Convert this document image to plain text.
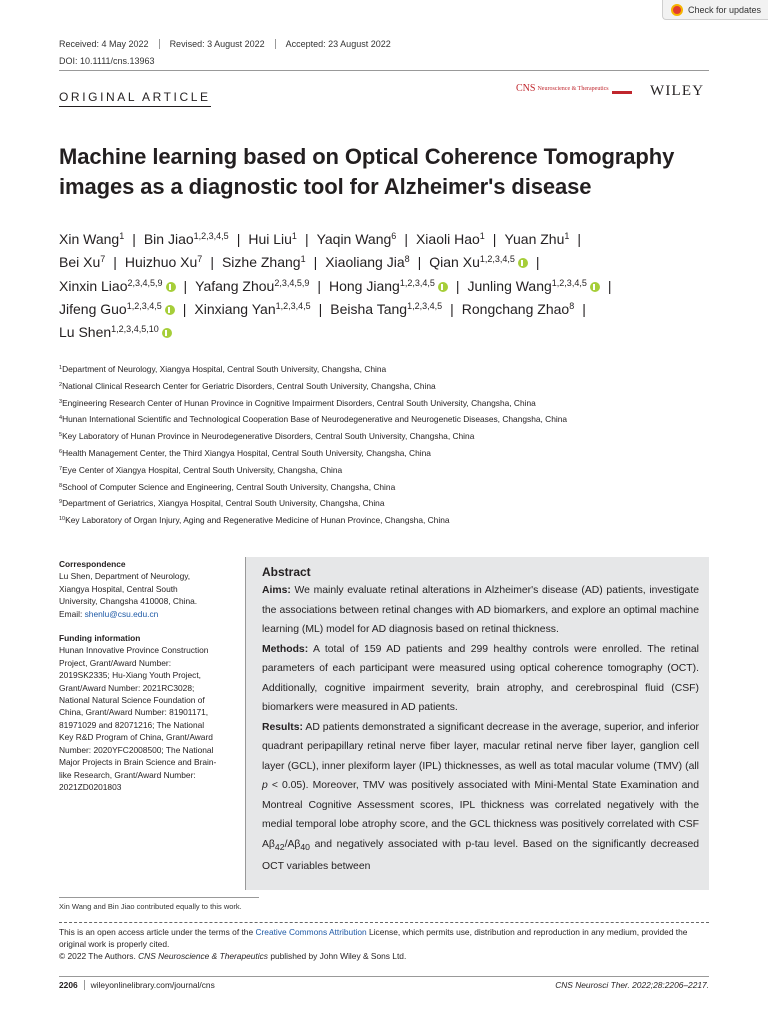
Check for updates
Received: 4 May 2022	Revised: 3 August 2022	Accepted: 23 August 2022
DOI: 10.1111/cns.13963
ORIGINAL ARTICLE
CNS Neuroscience & Therapeutics	WILEY
Machine learning based on Optical Coherence Tomography
images as a diagnostic tool for Alzheimer's disease
Xin Wang$^1$ | Bin Jiao$^{1,2,3,4,5}$ | Hui Liu$^1$ | Yaqin Wang$^6$ | Xiaoli Hao$^1$ | Yuan Zhu$^1$ |
Bei Xu$^7$ | Huizhuo Xu$^7$ | Sizhe Zhang$^1$ | Xiaoliang Jia$^8$ | Qian Xu$^{1,2,3,4,5}$ |
Xinxin Liao$^{2,3,4,5,9}$ | Yafang Zhou$^{2,3,4,5,9}$ | Hong Jiang$^{1,2,3,4,5}$ | Junling Wang$^{1,2,3,4,5}$ |
Jifeng Guo$^{1,2,3,4,5}$ | Xinxiang Yan$^{1,2,3,4,5}$ | Beisha Tang$^{1,2,3,4,5}$ | Rongchang Zhao$^8$ |
Lu Shen$^{1,2,3,4,5,10}$
$^1$Department of Neurology, Xiangya Hospital, Central South University, Changsha, China
$^2$National Clinical Research Center for Geriatric Disorders, Central South University, Changsha, China
$^3$Engineering Research Center of Hunan Province in Cognitive Impairment Disorders, Central South University, Changsha, China
$^4$Hunan International Scientific and Technological Cooperation Base of Neurodegenerative and Neurogenetic Diseases, Changsha, China
$^5$Key Laboratory of Hunan Province in Neurodegenerative Disorders, Central South University, Changsha, China
$^6$Health Management Center, the Third Xiangya Hospital, Central South University, Changsha, China
$^7$Eye Center of Xiangya Hospital, Central South University, Changsha, China
$^8$School of Computer Science and Engineering, Central South University, Changsha, China
$^9$Department of Geriatrics, Xiangya Hospital, Central South University, Changsha, China
$^{10}$Key Laboratory of Organ Injury, Aging and Regenerative Medicine of Hunan Province, Changsha, China
Correspondence
Lu Shen, Department of Neurology,
Xiangya Hospital, Central South
University, Changsha 410008, China.
Email: shenlu@csu.edu.cn
Funding information
Hunan Innovative Province Construction
Project, Grant/Award Number:
2019SK2335; Hu-Xiang Youth Project,
Grant/Award Number: 2021RC3028;
National Natural Science Foundation of
China, Grant/Award Number: 81901171,
81971029 and 82071216; The National
Key R&D Program of China, Grant/Award
Number: 2020YFC2008500; The National
Major Projects in Brain Science and Brain-
like Research, Grant/Award Number:
2021ZD0201803
Abstract

Aims: We mainly evaluate retinal alterations in Alzheimer's disease (AD) patients, investigate the associations between retinal changes with AD biomarkers, and explore an optimal machine learning (ML) model for AD diagnosis based on retinal thickness.

Methods: A total of 159 AD patients and 299 healthy controls were enrolled. The retinal parameters of each participant were measured using optical coherence tomography (OCT). Additionally, cognitive impairment severity, brain atrophy, and cerebrospinal fluid (CSF) biomarkers were measured in AD patients.

Results: AD patients demonstrated a significant decrease in the average, superior, and inferior quadrant peripapillary retinal nerve fiber layer, macular retinal nerve fiber layer, ganglion cell layer (GCL), inner plexiform layer (IPL) thicknesses, as well as total macular volume (TMV) (all p < 0.05). Moreover, TMV was positively associated with Mini-Mental State Examination and Montreal Cognitive Assessment scores, IPL thickness was correlated negatively with the medial temporal lobe atrophy score, and the GCL thickness was positively correlated with CSF $A\beta_{42}/A\beta_{40}$ and negatively associated with p-tau level. Based on the significantly decreased OCT variables between

Xin Wang and Bin Jiao contributed equally to this work.
This is an open access article under the terms of the Creative Commons Attribution License, which permits use, distribution and reproduction in any medium, provided the original work is properly cited.
© 2022 The Authors. CNS Neuroscience & Therapeutics published by John Wiley & Sons Ltd.
2206	wileyonlinelibrary.com/journal/cns	CNS Neurosci Ther. 2022;28:2206–2217.
